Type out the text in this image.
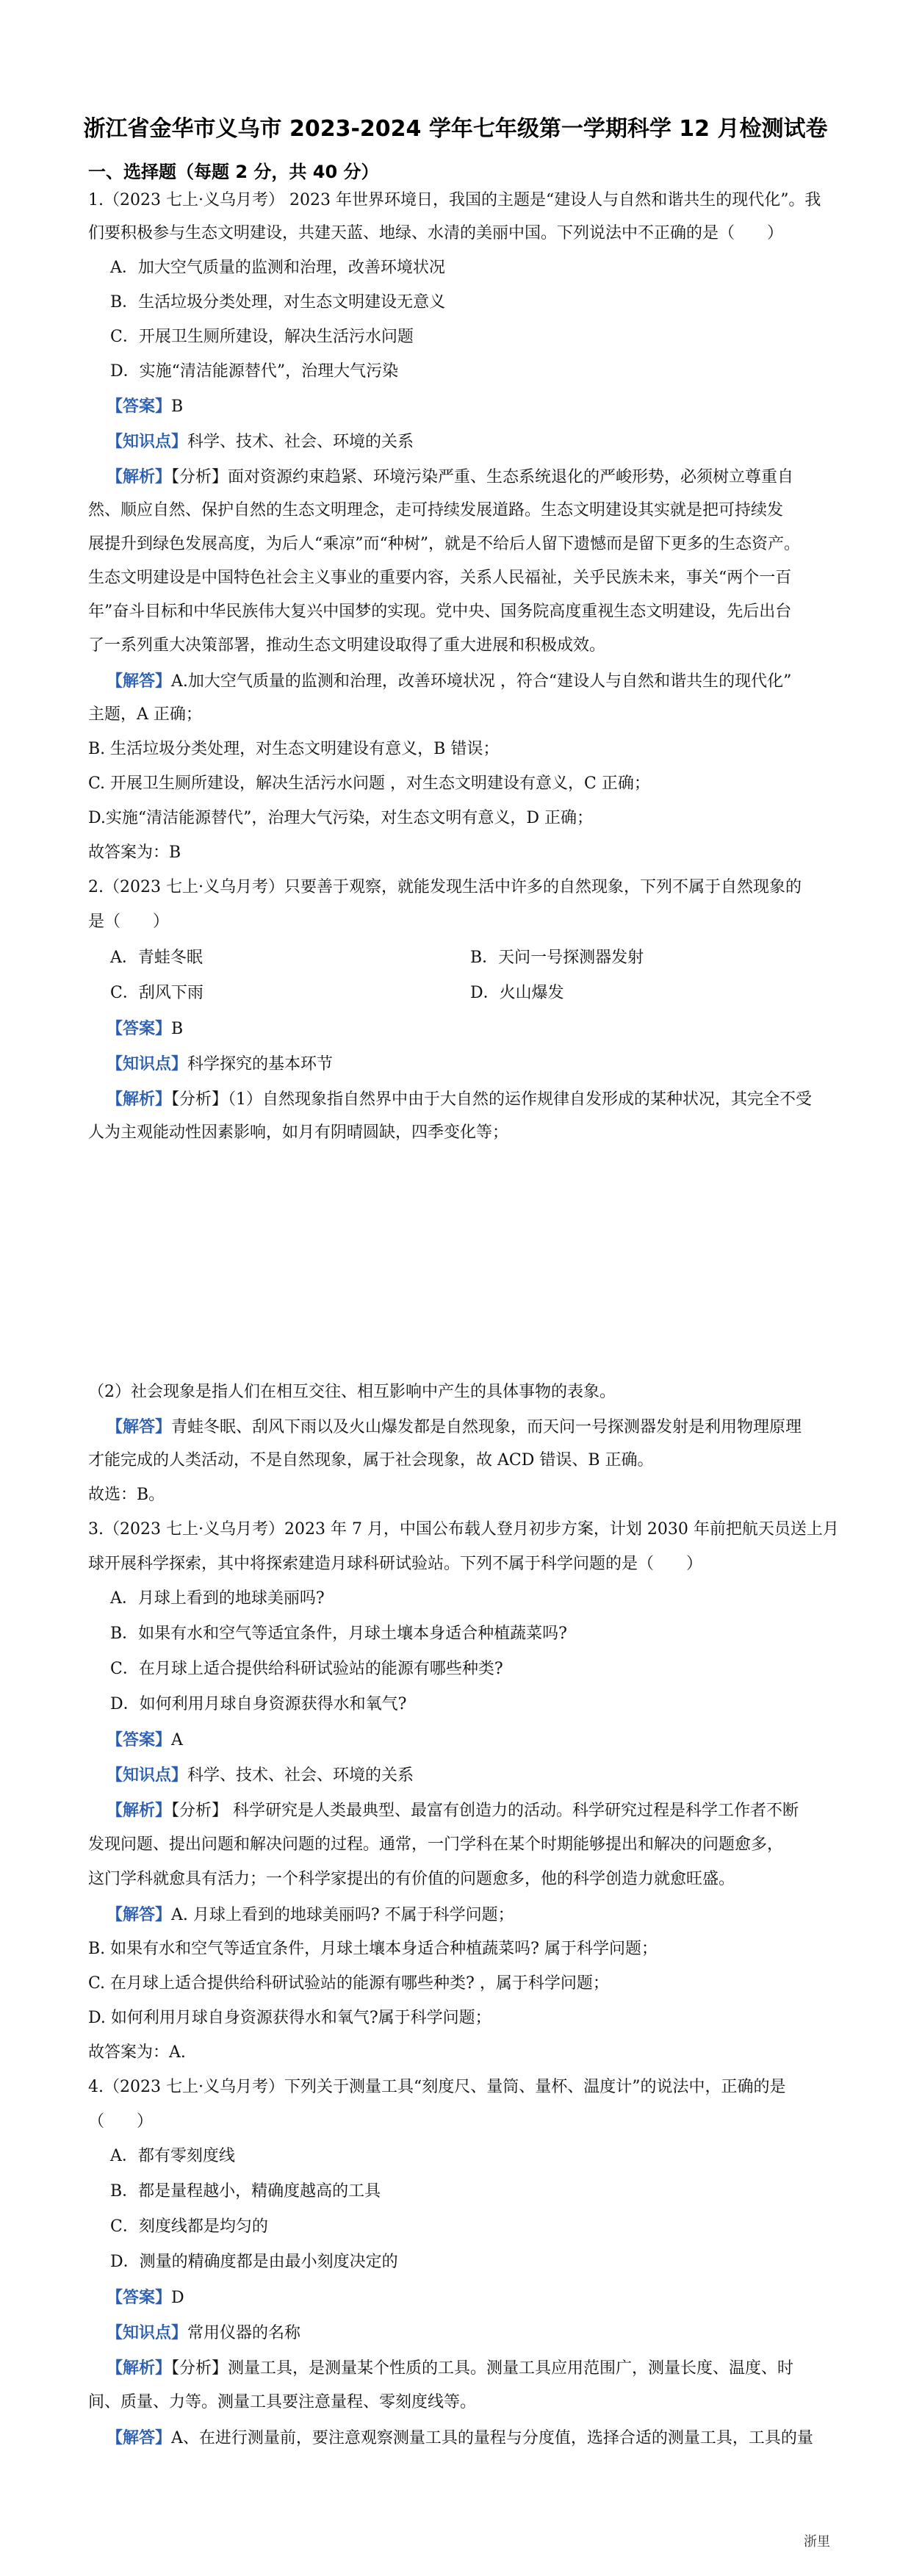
浙江省金华市义乌市 2023-2024 学年七年级第一学期科学 12 月检测试卷
一、选择题（每题 2 分，共 40 分）
1.（2023 七上·义乌月考） 2023 年世界环境日，我国的主题是“建设人与自然和谐共生的现代化”。我
们要积极参与生态文明建设，共建天蓝、地绿、水清的美丽中国。下列说法中不正确的是（　　）
A．加大空气质量的监测和治理，改善环境状况
B．生活垃圾分类处理，对生态文明建设无意义
C．开展卫生厕所建设，解决生活污水问题
D．实施“清洁能源替代”，治理大气污染
【答案】B
【知识点】科学、技术、社会、环境的关系
【解析】【分析】面对资源约束趋紧、环境污染严重、生态系统退化的严峻形势，必须树立尊重自
然、顺应自然、保护自然的生态文明理念，走可持续发展道路。生态文明建设其实就是把可持续发
展提升到绿色发展高度，为后人“乘凉”而“种树”，就是不给后人留下遗憾而是留下更多的生态资产。
生态文明建设是中国特色社会主义事业的重要内容，关系人民福祉，关乎民族未来，事关“两个一百
年”奋斗目标和中华民族伟大复兴中国梦的实现。党中央、国务院高度重视生态文明建设，先后出台
了一系列重大决策部署，推动生态文明建设取得了重大进展和积极成效。
【解答】A.加大空气质量的监测和治理，改善环境状况 ，符合“建设人与自然和谐共生的现代化”
主题，A 正确；
B. 生活垃圾分类处理，对生态文明建设有意义，B 错误；
C. 开展卫生厕所建设，解决生活污水问题 ，对生态文明建设有意义，C 正确；
D.实施“清洁能源替代”，治理大气污染，对生态文明有意义，D 正确；
故答案为：B
2.（2023 七上·义乌月考）只要善于观察，就能发现生活中许多的自然现象，下列不属于自然现象的
是（　　）
A．青蛙冬眠	B．天问一号探测器发射
C．刮风下雨	D．火山爆发
【答案】B
【知识点】科学探究的基本环节
【解析】【分析】（1）自然现象指自然界中由于大自然的运作规律自发形成的某种状况，其完全不受
人为主观能动性因素影响，如月有阴晴圆缺，四季变化等；
（2）社会现象是指人们在相互交往、相互影响中产生的具体事物的表象。
【解答】青蛙冬眠、刮风下雨以及火山爆发都是自然现象，而天问一号探测器发射是利用物理原理
才能完成的人类活动，不是自然现象，属于社会现象，故 ACD 错误、B 正确。
故选：B。
3.（2023 七上·义乌月考）2023 年 7 月，中国公布载人登月初步方案，计划 2030 年前把航天员送上月
球开展科学探索，其中将探索建造月球科研试验站。下列不属于科学问题的是（　　）
A．月球上看到的地球美丽吗?
B．如果有水和空气等适宜条件，月球土壤本身适合种植蔬菜吗?
C．在月球上适合提供给科研试验站的能源有哪些种类?
D．如何利用月球自身资源获得水和氧气?
【答案】A
【知识点】科学、技术、社会、环境的关系
【解析】【分析】 科学研究是人类最典型、最富有创造力的活动。科学研究过程是科学工作者不断
发现问题、提出问题和解决问题的过程。通常，一门学科在某个时期能够提出和解决的问题愈多，
这门学科就愈具有活力；一个科学家提出的有价值的问题愈多，他的科学创造力就愈旺盛。
【解答】A. 月球上看到的地球美丽吗? 不属于科学问题；
B. 如果有水和空气等适宜条件，月球土壤本身适合种植蔬菜吗? 属于科学问题；
C. 在月球上适合提供给科研试验站的能源有哪些种类? ，属于科学问题；
D. 如何利用月球自身资源获得水和氧气?属于科学问题；
故答案为：A.
4.（2023 七上·义乌月考）下列关于测量工具“刻度尺、量筒、量杯、温度计”的说法中，正确的是
（　　）
A．都有零刻度线
B．都是量程越小，精确度越高的工具
C．刻度线都是均匀的
D．测量的精确度都是由最小刻度决定的
【答案】D
【知识点】常用仪器的名称
【解析】【分析】测量工具，是测量某个性质的工具。测量工具应用范围广，测量长度、温度、时
间、质量、力等。测量工具要注意量程、零刻度线等。
【解答】A、在进行测量前，要注意观察测量工具的量程与分度值，选择合适的测量工具，工具的量
浙里
